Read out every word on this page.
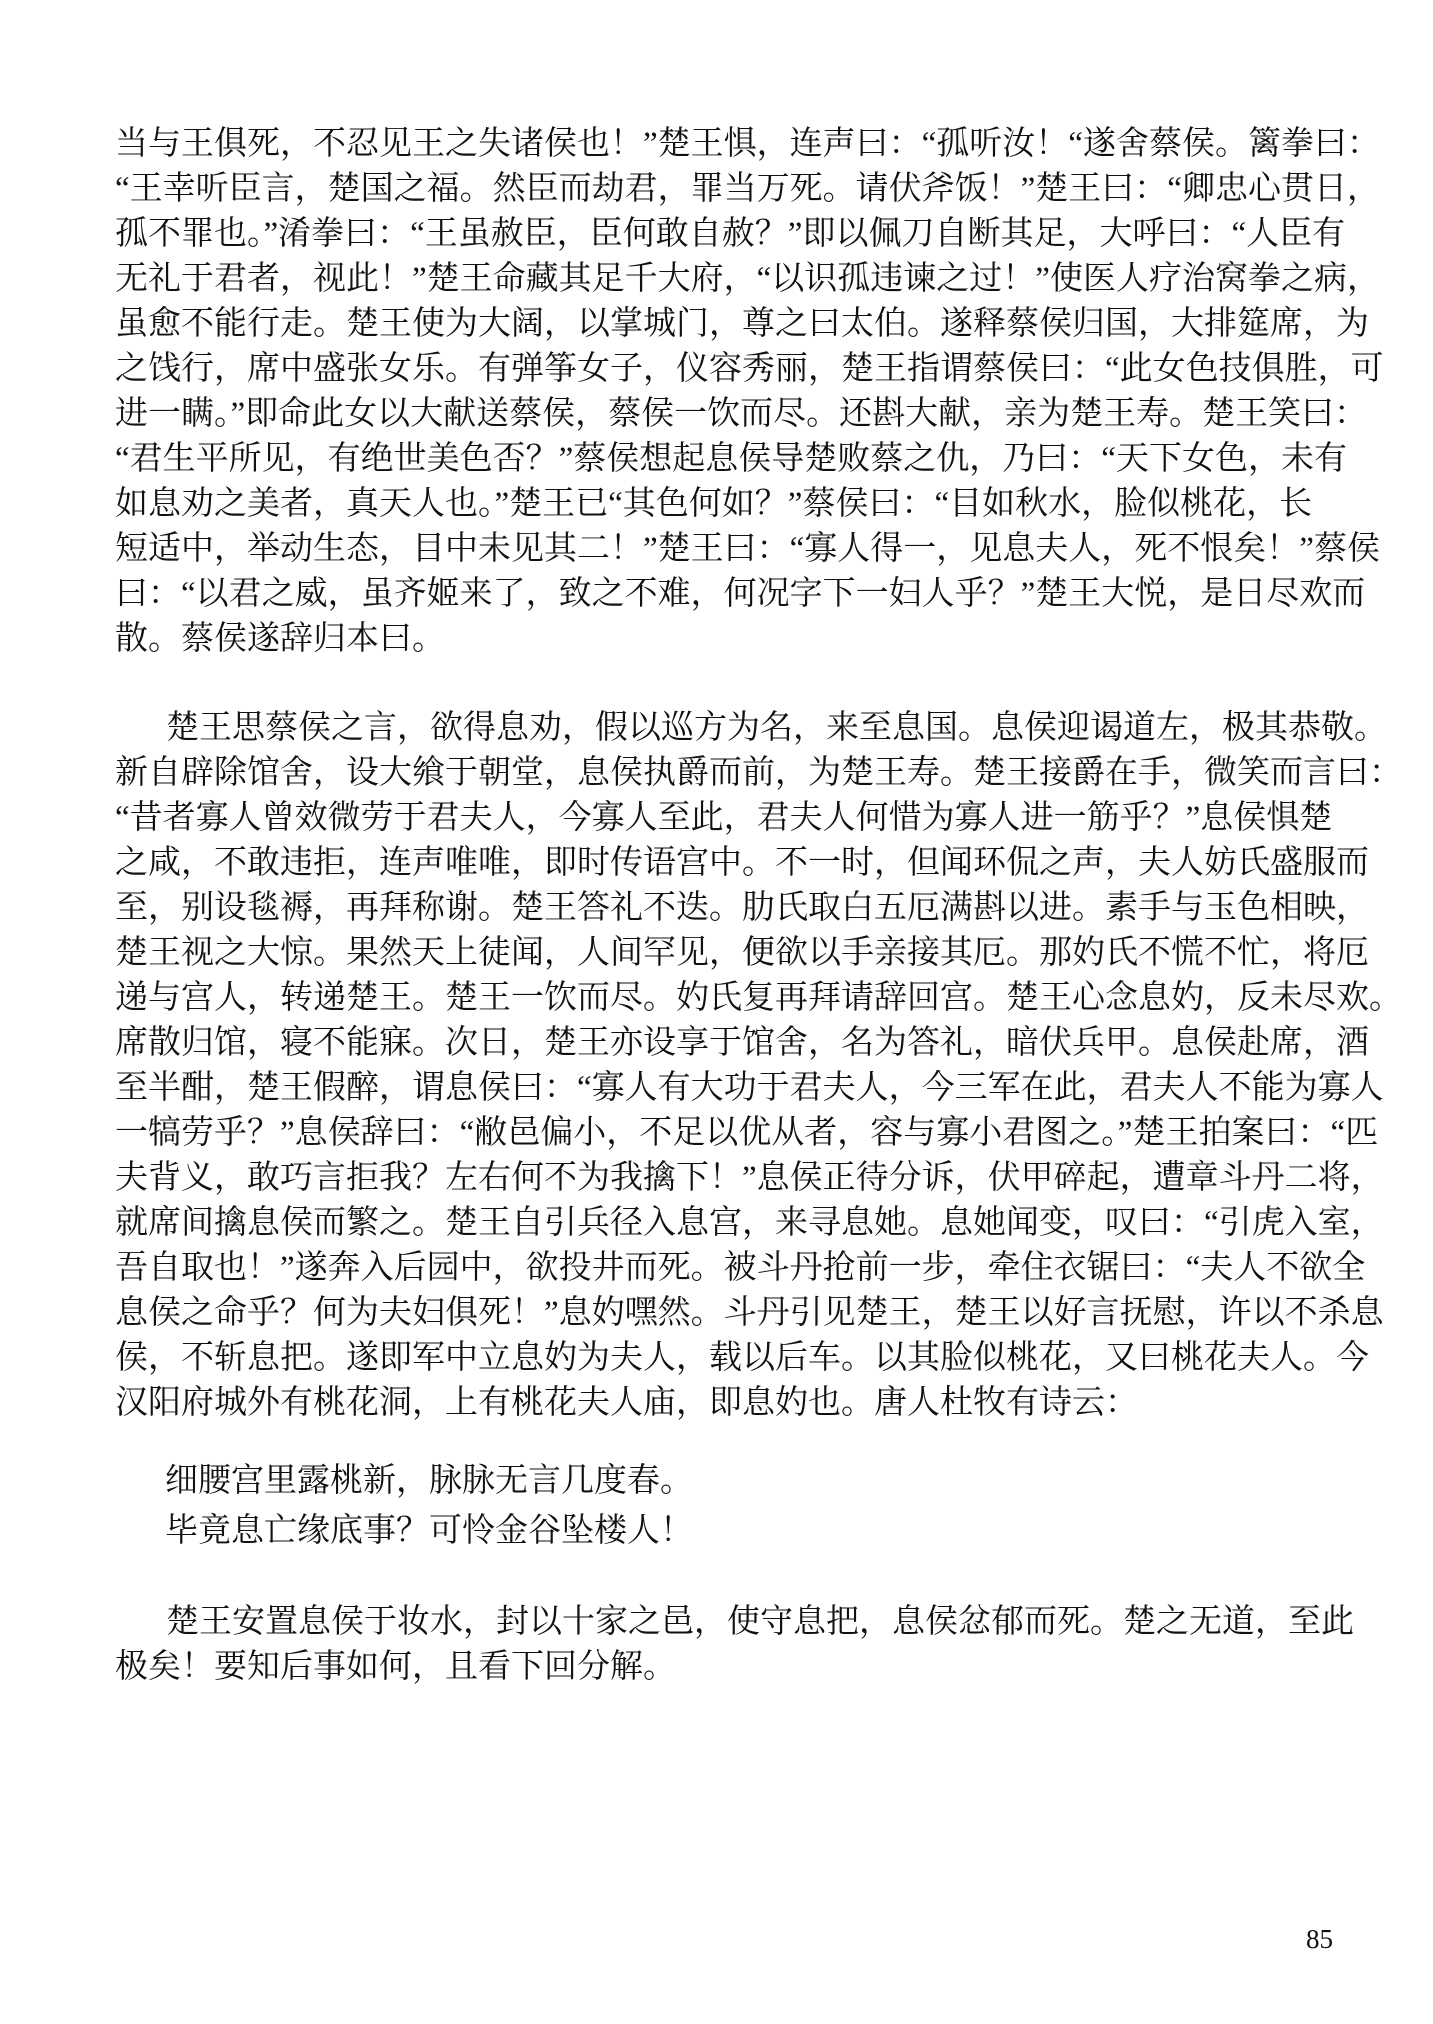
当与王俱死，不忍见王之失诸侯也！”楚王惧，连声曰：“孤听汝！“遂舍蔡侯。篱拳曰：
“王幸听臣言，楚国之福。然臣而劫君，罪当万死。请伏斧饭！”楚王曰：“卿忠心贯日，
孤不罪也。”淆拳曰：“王虽赦臣，臣何敢自赦？”即以佩刀自断其足，大呼曰：“人臣有
无礼于君者，视此！”楚王命藏其足千大府，“以识孤违谏之过！”使医人疗治窝拳之病，
虽愈不能行走。楚王使为大阔，以掌城门，尊之曰太伯。遂释蔡侯归国，大排筵席，为
之饯行，席中盛张女乐。有弹筝女子，仪容秀丽，楚王指谓蔡侯曰：“此女色技俱胜，可
进一瞒。”即命此女以大献送蔡侯，蔡侯一饮而尽。还斟大献，亲为楚王寿。楚王笑曰：
“君生平所见，有绝世美色否？”蔡侯想起息侯导楚败蔡之仇，乃曰：“天下女色，未有
如息劝之美者，真天人也。”楚王已“其色何如？”蔡侯曰：“目如秋水，脸似桃花，长
短适中，举动生态，目中未见其二！”楚王曰：“寡人得一，见息夫人，死不恨矣！”蔡侯
曰：“以君之威，虽齐姬来了，致之不难，何况字下一妇人乎？”楚王大悦，是日尽欢而
散。蔡侯遂辞归本曰。
楚王思蔡侯之言，欲得息劝，假以巡方为名，来至息国。息侯迎谒道左，极其恭敬。
新自辟除馆舍，设大飨于朝堂，息侯执爵而前，为楚王寿。楚王接爵在手，微笑而言曰：
“昔者寡人曾效微劳于君夫人，今寡人至此，君夫人何惜为寡人进一筋乎？”息侯惧楚
之咸，不敢违拒，连声唯唯，即时传语宫中。不一时，但闻环侃之声，夫人妨氏盛服而
至，别设毯褥，再拜称谢。楚王答礼不迭。肋氏取白五厄满斟以进。素手与玉色相映，
楚王视之大惊。果然天上徒闻，人间罕见，便欲以手亲接其厄。那妁氏不慌不忙，将厄
递与宫人，转递楚王。楚王一饮而尽。妁氏复再拜请辞回宫。楚王心念息妁，反未尽欢。
席散归馆，寝不能寐。次日，楚王亦设享于馆舍，名为答礼，暗伏兵甲。息侯赴席，酒
至半酣，楚王假醉，谓息侯曰：“寡人有大功于君夫人，今三军在此，君夫人不能为寡人
一犒劳乎？”息侯辞曰：“敝邑偏小，不足以优从者，容与寡小君图之。”楚王拍案曰：“匹
夫背义，敢巧言拒我？左右何不为我擒下！”息侯正待分诉，伏甲碎起，遭章斗丹二将，
就席间擒息侯而繁之。楚王自引兵径入息宫，来寻息她。息她闻变，叹曰：“引虎入室，
吾自取也！”遂奔入后园中，欲投井而死。被斗丹抢前一步，牵住衣锯曰：“夫人不欲全
息侯之命乎？何为夫妇俱死！”息妁嘿然。斗丹引见楚王，楚王以好言抚慰，许以不杀息
侯，不斩息把。遂即军中立息妁为夫人，载以后车。以其脸似桃花，又曰桃花夫人。今
汉阳府城外有桃花洞，上有桃花夫人庙，即息妁也。唐人杜牧有诗云：
细腰宫里露桃新，脉脉无言几度春。
毕竟息亡缘底事？可怜金谷坠楼人！
楚王安置息侯于妆水，封以十家之邑，使守息把，息侯忿郁而死。楚之无道，至此
极矣！要知后事如何，且看下回分解。
85
